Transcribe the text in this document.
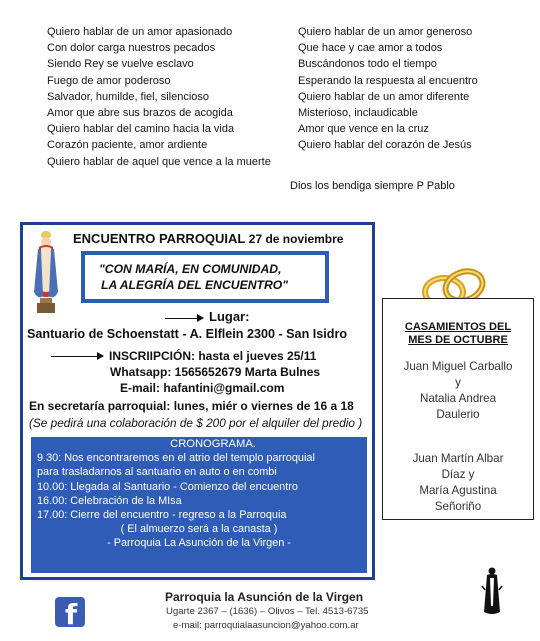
Quiero hablar de un amor apasionado
Con dolor carga nuestros pecados
Siendo Rey se vuelve esclavo
Fuego de amor poderoso
Salvador, humilde, fiel, silencioso
Amor que abre sus brazos de acogida
Quiero hablar del camino hacia la vida
Corazón paciente, amor ardiente
Quiero hablar de aquel que vence a la muerte
Quiero hablar de un amor generoso
Que hace y cae amor a todos
Buscándonos todo el tiempo
Esperando la respuesta al encuentro
Quiero hablar de un amor diferente
Misterioso, inclaudicable
Amor que vence en la cruz
Quiero hablar del corazón de Jesús
Dios los bendiga siempre P Pablo
ENCUENTRO PARROQUIAL 27 de noviembre
"CON MARÍA, EN COMUNIDAD,
LA ALEGRÍA DEL ENCUENTRO"
Lugar:
Santuario de Schoenstatt - A. Elflein 2300 - San Isidro
INSCRIIPCIÓN: hasta el jueves 25/11
Whatsapp: 1565652679 Marta Bulnes
E-mail: hafantini@gmail.com
En secretaría parroquial: lunes, miér o viernes de 16 a 18
(Se pedirá una colaboración de $ 200 por el alquiler del predio )
CRONOGRAMA.
9.30: Nos encontraremos en el atrio del templo parroquial
para trasladarnos al santuario en auto o en combi
10.00: Llegada al Santuario - Comienzo del encuentro
16.00: Celebración de la MIsa
17.00: Cierre del encuentro - regreso a la Parroquia
( El almuerzo será a la canasta )
- Parroquia La Asunción de la Virgen -
CASAMIENTOS DEL
MES DE OCTUBRE
Juan Miguel Carballo
y
Natalia Andrea
Daulerio
Juan Martín Albar
Díaz y
María Agustina
Señoriño
f
Parroquia la Asunción de la Virgen
Ugarte 2367 – (1636) – Olivos – Tel. 4513-6735
e-mail: parroquialaasuncion@yahoo.com.ar
